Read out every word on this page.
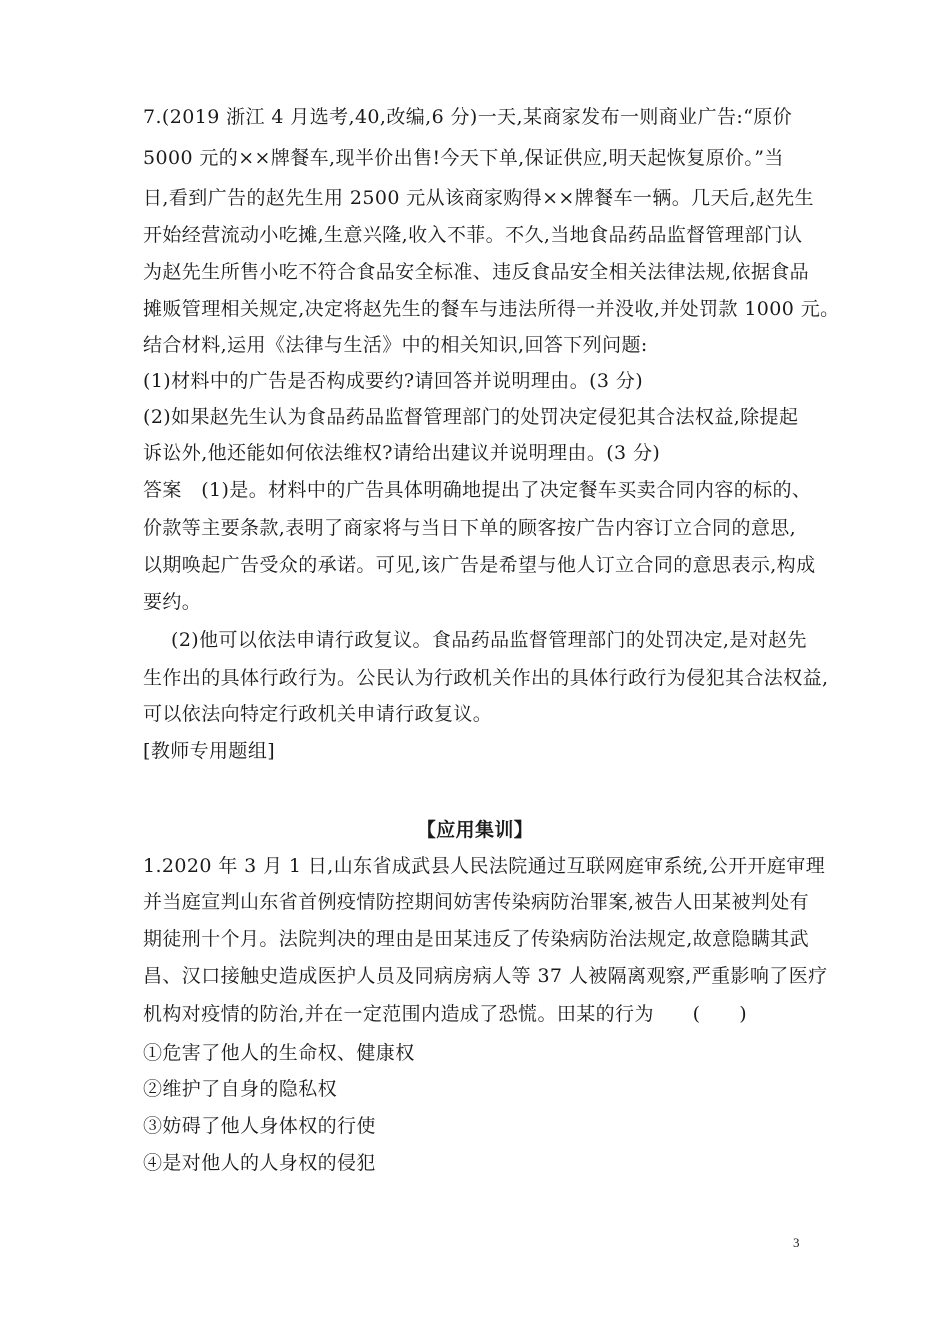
7.(2019 浙江 4 月选考,40,改编,6 分)一天,某商家发布一则商业广告:“原价
5000 元的××牌餐车,现半价出售!今天下单,保证供应,明天起恢复原价。”当
日,看到广告的赵先生用 2500 元从该商家购得××牌餐车一辆。几天后,赵先生
开始经营流动小吃摊,生意兴隆,收入不菲。不久,当地食品药品监督管理部门认
为赵先生所售小吃不符合食品安全标准、违反食品安全相关法律法规,依据食品
摊贩管理相关规定,决定将赵先生的餐车与违法所得一并没收,并处罚款 1000 元。
结合材料,运用《法律与生活》中的相关知识,回答下列问题:
(1)材料中的广告是否构成要约?请回答并说明理由。(3 分)
(2)如果赵先生认为食品药品监督管理部门的处罚决定侵犯其合法权益,除提起
诉讼外,他还能如何依法维权?请给出建议并说明理由。(3 分)
答案　(1)是。材料中的广告具体明确地提出了决定餐车买卖合同内容的标的、
价款等主要条款,表明了商家将与当日下单的顾客按广告内容订立合同的意思,
以期唤起广告受众的承诺。可见,该广告是希望与他人订立合同的意思表示,构成
要约。
(2)他可以依法申请行政复议。食品药品监督管理部门的处罚决定,是对赵先
生作出的具体行政行为。公民认为行政机关作出的具体行政行为侵犯其合法权益,
可以依法向特定行政机关申请行政复议。
[教师专用题组]
【应用集训】
1.2020 年 3 月 1 日,山东省成武县人民法院通过互联网庭审系统,公开开庭审理
并当庭宣判山东省首例疫情防控期间妨害传染病防治罪案,被告人田某被判处有
期徒刑十个月。法院判决的理由是田某违反了传染病防治法规定,故意隐瞒其武
昌、汉口接触史造成医护人员及同病房病人等 37 人被隔离观察,严重影响了医疗
机构对疫情的防治,并在一定范围内造成了恐慌。田某的行为　　(　　)
①危害了他人的生命权、健康权
②维护了自身的隐私权
③妨碍了他人身体权的行使
④是对他人的人身权的侵犯
3
